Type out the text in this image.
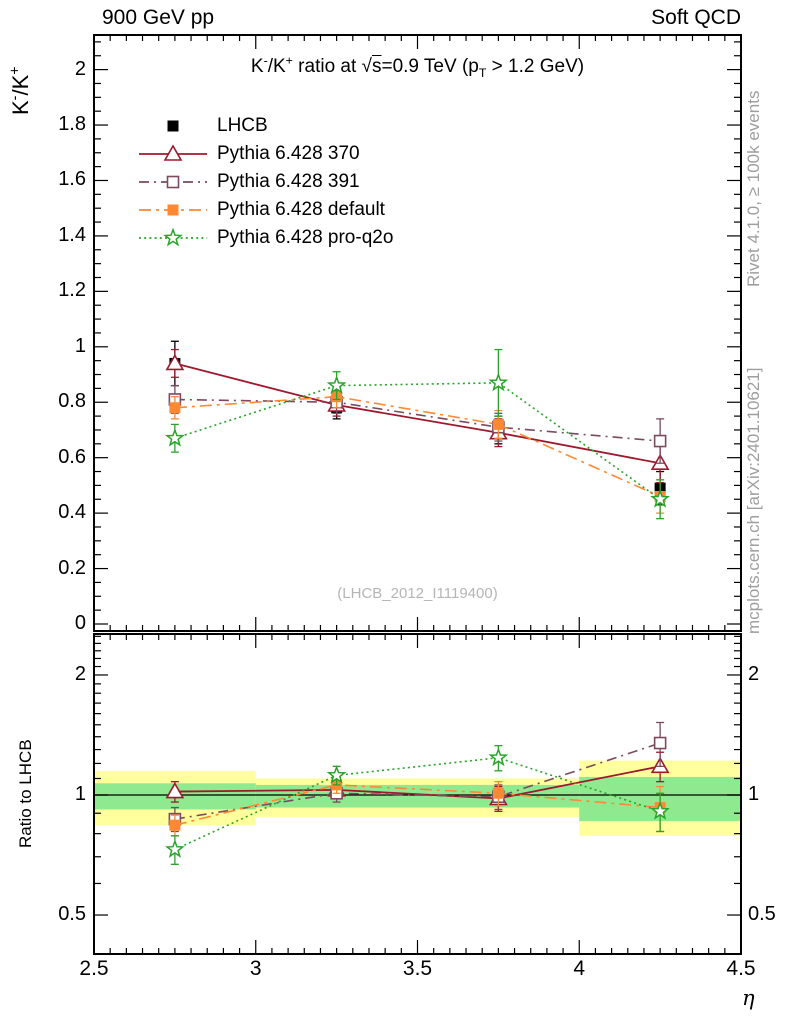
900 GeV pp	Soft QCD
K-/K+ ratio at √s=0.9 TeV ($p_T > 1.2$ GeV)
K-/K+
(LHCB_2012_I1119400)
Rivet 4.1.0, ≥ 100k events
mcplots.cern.ch [arXiv:2401.10621]
Ratio to LHCB
η
LHCB
Pythia 6.428 370
Pythia 6.428 391
Pythia 6.428 default
Pythia 6.428 pro-q2o
2
1.8
1.6
1.4
1.2
1
0.8
0.6
0.4
0.2
0
2	2
1	1
0.5	0.5
2.5	3	3.5	4	4.5
